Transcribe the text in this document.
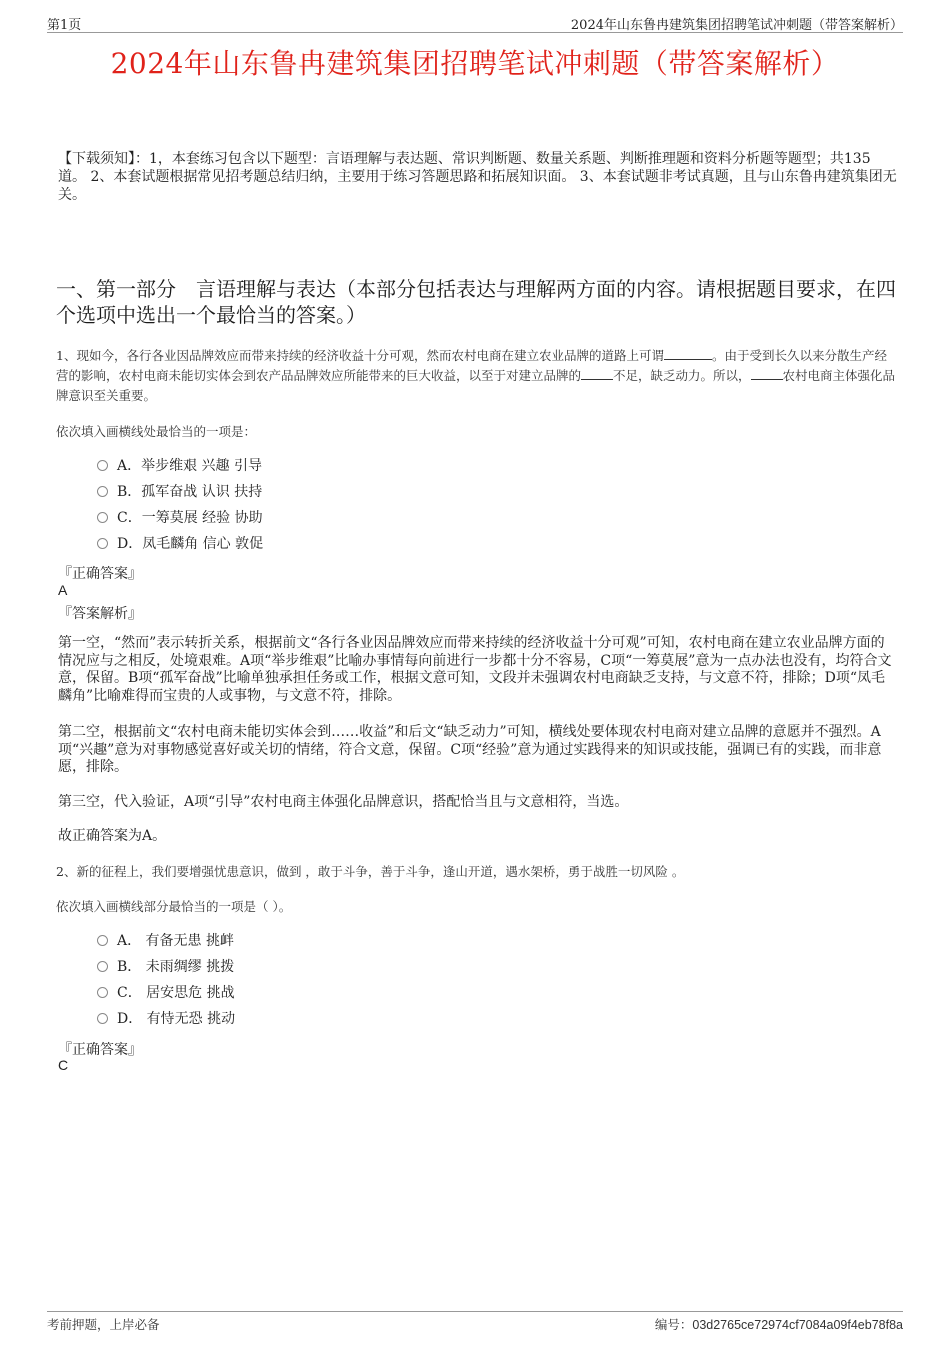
第1页	2024年山东鲁冉建筑集团招聘笔试冲刺题（带答案解析）
2024年山东鲁冉建筑集团招聘笔试冲刺题（带答案解析）
【下载须知】：1，本套练习包含以下题型：言语理解与表达题、常识判断题、数量关系题、判断推理题和资料分析题等题型；共135道。 2、本套试题根据常见招考题总结归纳，主要用于练习答题思路和拓展知识面。 3、本套试题非考试真题，且与山东鲁冉建筑集团无关。
一、第一部分　言语理解与表达（本部分包括表达与理解两方面的内容。请根据题目要求，在四个选项中选出一个最恰当的答案。）
1、现如今，各行各业因品牌效应而带来持续的经济收益十分可观，然而农村电商在建立农业品牌的道路上可谓	。由于受到长久以来分散生产经营的影响，农村电商未能切实体会到农产品品牌效应所能带来的巨大收益，以至于对建立品牌的	不足，缺乏动力。所以，	农村电商主体强化品牌意识至关重要。
依次填入画横线处最恰当的一项是：
A．举步维艰 兴趣 引导
B．孤军奋战 认识 扶持
C．一筹莫展 经验 协助
D．凤毛麟角 信心 敦促
『正确答案』
A
『答案解析』
第一空，“然而”表示转折关系，根据前文“各行各业因品牌效应而带来持续的经济收益十分可观”可知，农村电商在建立农业品牌方面的情况应与之相反，处境艰难。A项“举步维艰”比喻办事情每向前进行一步都十分不容易，C项“一筹莫展”意为一点办法也没有，均符合文意，保留。B项“孤军奋战”比喻单独承担任务或工作，根据文意可知，文段并未强调农村电商缺乏支持，与文意不符，排除；D项“凤毛麟角”比喻难得而宝贵的人或事物，与文意不符，排除。
第二空，根据前文“农村电商未能切实体会到……收益”和后文“缺乏动力”可知，横线处要体现农村电商对建立品牌的意愿并不强烈。A项“兴趣”意为对事物感觉喜好或关切的情绪，符合文意，保留。C项“经验”意为通过实践得来的知识或技能，强调已有的实践，而非意愿，排除。
第三空，代入验证，A项“引导”农村电商主体强化品牌意识，搭配恰当且与文意相符，当选。
故正确答案为A。
2、新的征程上，我们要增强忧患意识，做到 ，敢于斗争，善于斗争，逢山开道，遇水架桥，勇于战胜一切风险 。
依次填入画横线部分最恰当的一项是（ ）。
A． 有备无患 挑衅
B． 未雨绸缪 挑拨
C． 居安思危 挑战
D． 有恃无恐 挑动
『正确答案』
C
考前押题，上岸必备	编号：03d2765ce72974cf7084a09f4eb78f8a
